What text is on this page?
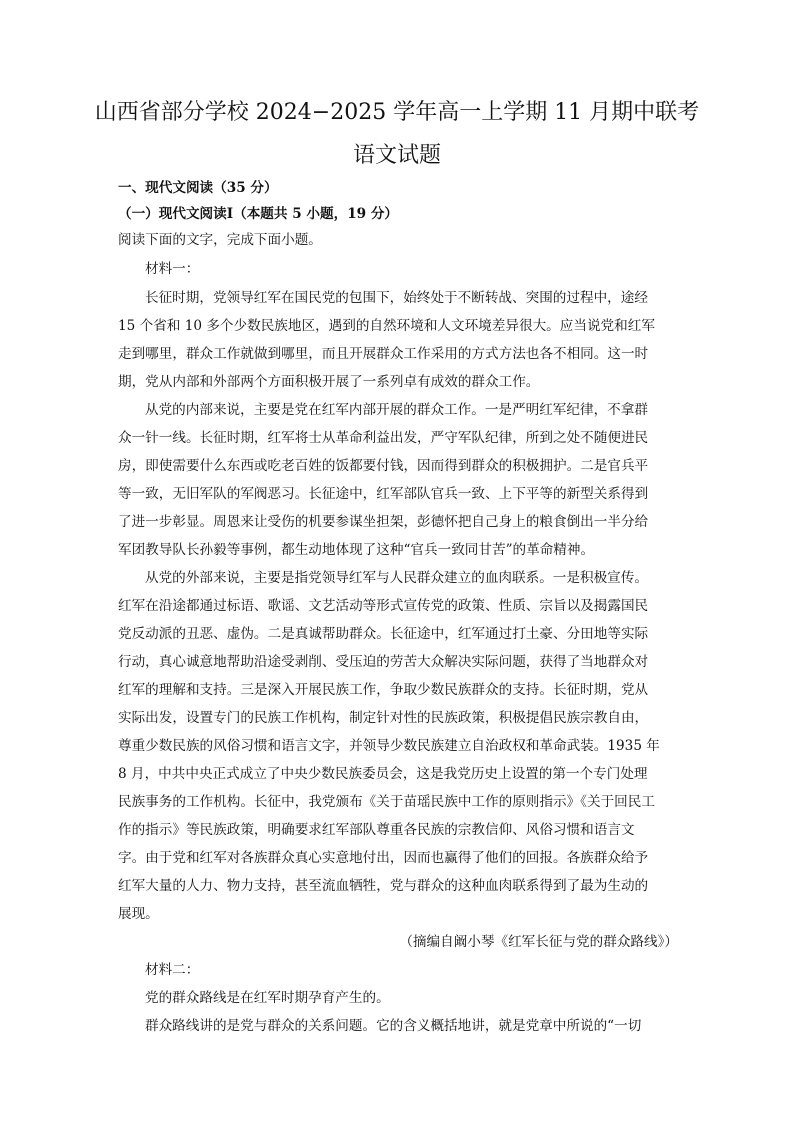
山西省部分学校 2024−2025 学年高一上学期 11 月期中联考
语文试题
一、现代文阅读（35 分）
（一）现代文阅读Ⅰ（本题共 5 小题，19 分）
阅读下面的文字，完成下面小题。
材料一：
长征时期，党领导红军在国民党的包围下，始终处于不断转战、突围的过程中，途经
15 个省和 10 多个少数民族地区，遇到的自然环境和人文环境差异很大。应当说党和红军
走到哪里，群众工作就做到哪里，而且开展群众工作采用的方式方法也各不相同。这一时
期，党从内部和外部两个方面积极开展了一系列卓有成效的群众工作。
从党的内部来说，主要是党在红军内部开展的群众工作。一是严明红军纪律，不拿群
众一针一线。长征时期，红军将士从革命利益出发，严守军队纪律，所到之处不随便进民
房，即使需要什么东西或吃老百姓的饭都要付钱，因而得到群众的积极拥护。二是官兵平
等一致，无旧军队的军阀恶习。长征途中，红军部队官兵一致、上下平等的新型关系得到
了进一步彰显。周恩来让受伤的机要参谋坐担架，彭德怀把自己身上的粮食倒出一半分给
军团教导队长孙毅等事例，都生动地体现了这种“官兵一致同甘苦”的革命精神。
从党的外部来说，主要是指党领导红军与人民群众建立的血肉联系。一是积极宣传。
红军在沿途都通过标语、歌谣、文艺活动等形式宣传党的政策、性质、宗旨以及揭露国民
党反动派的丑恶、虚伪。二是真诚帮助群众。长征途中，红军通过打土豪、分田地等实际
行动，真心诚意地帮助沿途受剥削、受压迫的劳苦大众解决实际问题，获得了当地群众对
红军的理解和支持。三是深入开展民族工作，争取少数民族群众的支持。长征时期，党从
实际出发，设置专门的民族工作机构，制定针对性的民族政策，积极提倡民族宗教自由，
尊重少数民族的风俗习惯和语言文字，并领导少数民族建立自治政权和革命武装。1935 年
8 月，中共中央正式成立了中央少数民族委员会，这是我党历史上设置的第一个专门处理
民族事务的工作机构。长征中，我党颁布《关于苗瑶民族中工作的原则指示》《关于回民工
作的指示》等民族政策，明确要求红军部队尊重各民族的宗教信仰、风俗习惯和语言文
字。由于党和红军对各族群众真心实意地付出，因而也赢得了他们的回报。各族群众给予
红军大量的人力、物力支持，甚至流血牺牲，党与群众的这种血肉联系得到了最为生动的
展现。
（摘编自阚小琴《红军长征与党的群众路线》）
材料二：
党的群众路线是在红军时期孕育产生的。
群众路线讲的是党与群众的关系问题。它的含义概括地讲，就是党章中所说的“一切
